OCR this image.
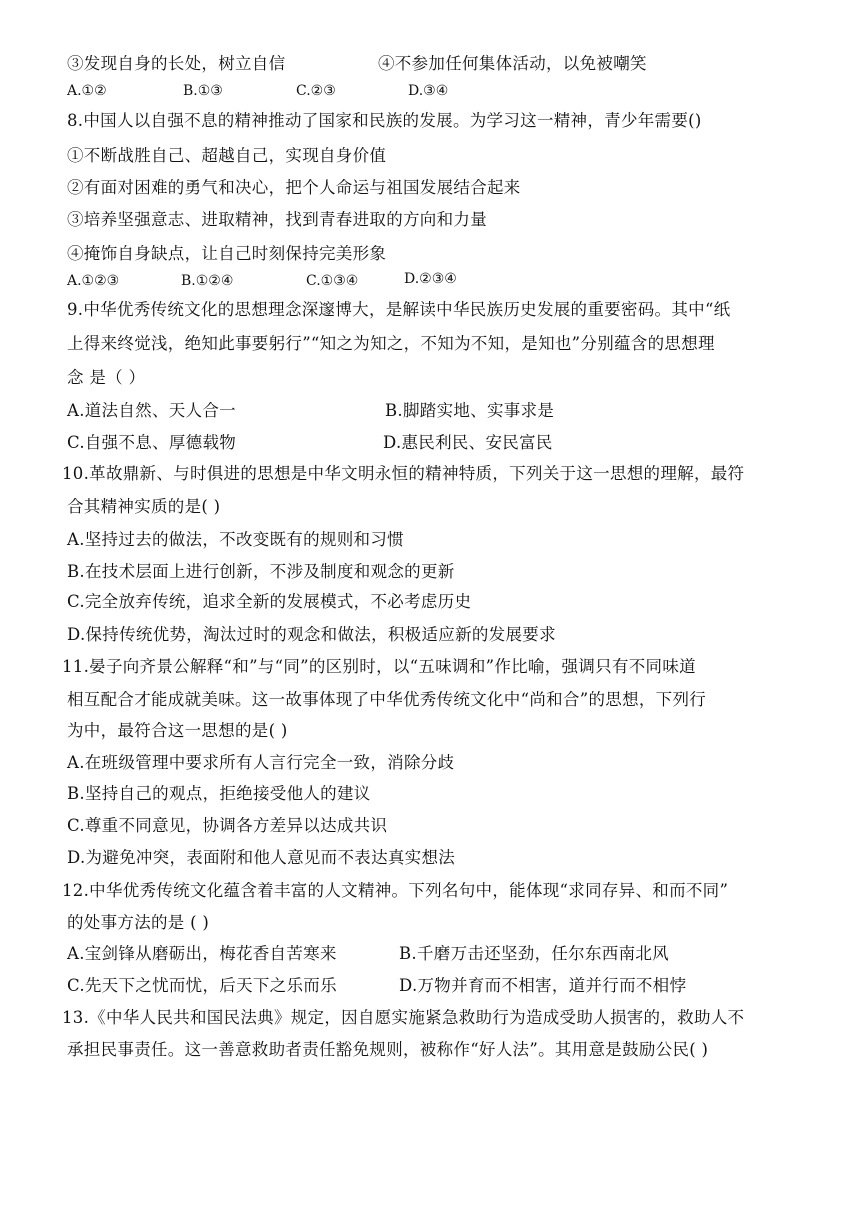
③发现自身的长处，树立自信	④不参加任何集体活动，以免被嘲笑
A.①②	B.①③	C.②③	D.③④
8.中国人以自强不息的精神推动了国家和民族的发展。为学习这一精神，青少年需要()
①不断战胜自己、超越自己，实现自身价值
②有面对困难的勇气和决心，把个人命运与祖国发展结合起来
③培养坚强意志、进取精神，找到青春进取的方向和力量
④掩饰自身缺点，让自己时刻保持完美形象
A.①②③	B.①②④	C.①③④	D.②③④
9.中华优秀传统文化的思想理念深邃博大，是解读中华民族历史发展的重要密码。其中“纸
上得来终觉浅，绝知此事要躬行”“知之为知之，不知为不知，是知也”分别蕴含的思想理
念 是（ ）
A.道法自然、天人合一	B.脚踏实地、实事求是
C.自强不息、厚德载物	D.惠民利民、安民富民
10.革故鼎新、与时俱进的思想是中华文明永恒的精神特质，下列关于这一思想的理解，最符
合其精神实质的是( )
A.坚持过去的做法，不改变既有的规则和习惯
B.在技术层面上进行创新，不涉及制度和观念的更新
C.完全放弃传统，追求全新的发展模式，不必考虑历史
D.保持传统优势，淘汰过时的观念和做法，积极适应新的发展要求
11.晏子向齐景公解释“和”与“同”的区别时，以“五味调和”作比喻，强调只有不同味道
相互配合才能成就美味。这一故事体现了中华优秀传统文化中“尚和合”的思想，下列行
为中，最符合这一思想的是( )
A.在班级管理中要求所有人言行完全一致，消除分歧
B.坚持自己的观点，拒绝接受他人的建议
C.尊重不同意见，协调各方差异以达成共识
D.为避免冲突，表面附和他人意见而不表达真实想法
12.中华优秀传统文化蕴含着丰富的人文精神。下列名句中，能体现“求同存异、和而不同”
的处事方法的是 ( )
A.宝剑锋从磨砺出，梅花香自苦寒来	B.千磨万击还坚劲，任尔东西南北风
C.先天下之忧而忧，后天下之乐而乐	D.万物并育而不相害，道并行而不相悖
13.《中华人民共和国民法典》规定，因自愿实施紧急救助行为造成受助人损害的，救助人不
承担民事责任。这一善意救助者责任豁免规则，被称作“好人法”。其用意是鼓励公民( )
